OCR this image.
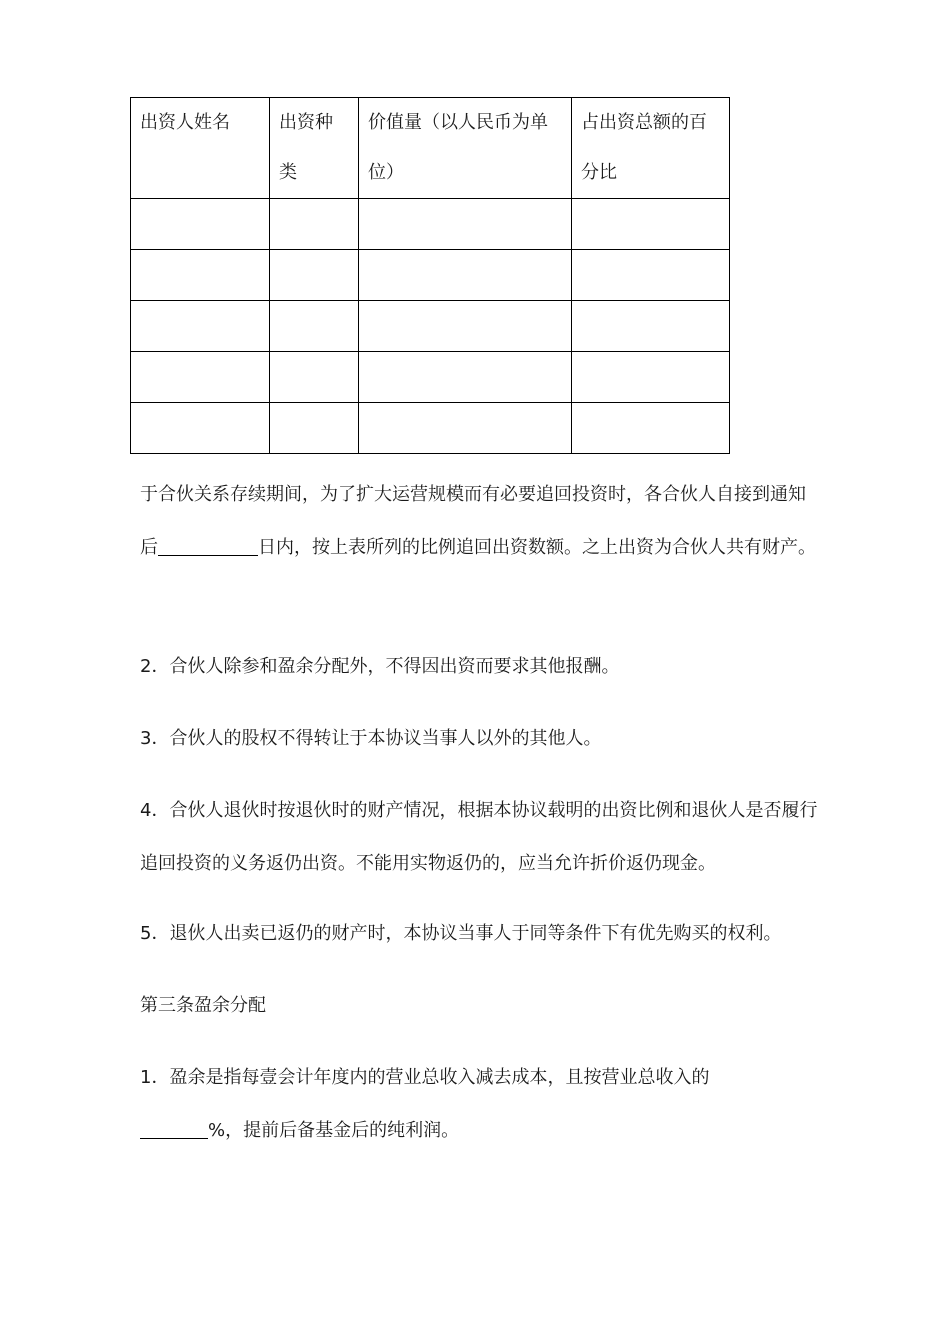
出资人姓名	出资种类	价值量（以人民币为单位）	占出资总额的百分比

于合伙关系存续期间，为了扩大运营规模而有必要追回投资时，各合伙人自接到通知后	日内，按上表所列的比例追回出资数额。之上出资为合伙人共有财产。

2．合伙人除参和盈余分配外，不得因出资而要求其他报酬。

3．合伙人的股权不得转让于本协议当事人以外的其他人。

4．合伙人退伙时按退伙时的财产情况，根据本协议载明的出资比例和退伙人是否履行追回投资的义务返仍出资。不能用实物返仍的，应当允许折价返仍现金。

5．退伙人出卖已返仍的财产时，本协议当事人于同等条件下有优先购买的权利。

第三条盈余分配

1．盈余是指每壹会计年度内的营业总收入减去成本，且按营业总收入的
%，提前后备基金后的纯利润。
